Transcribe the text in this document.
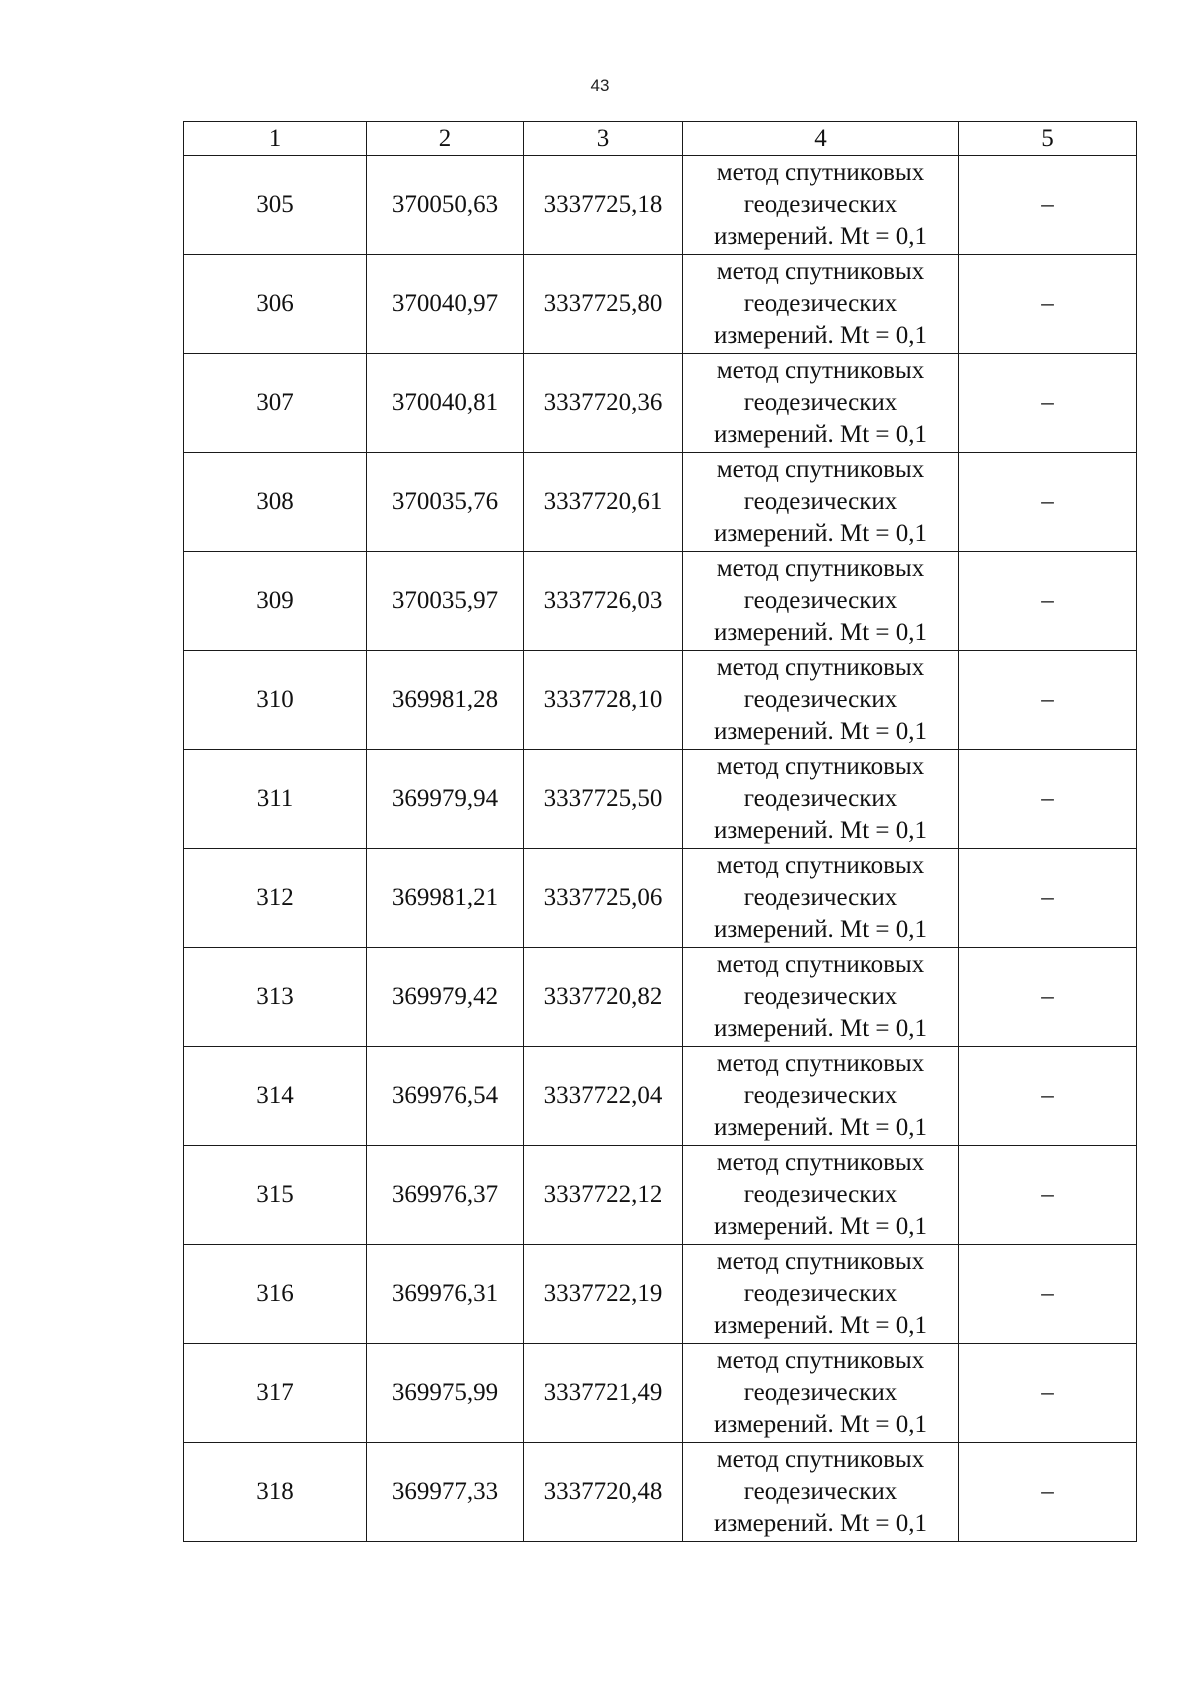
43
1	2	3	4	5
305	370050,63	3337725,18	метод спутниковых
геодезических
измерений. Mt = 0,1	–
306	370040,97	3337725,80	метод спутниковых
геодезических
измерений. Mt = 0,1	–
307	370040,81	3337720,36	метод спутниковых
геодезических
измерений. Mt = 0,1	–
308	370035,76	3337720,61	метод спутниковых
геодезических
измерений. Mt = 0,1	–
309	370035,97	3337726,03	метод спутниковых
геодезических
измерений. Mt = 0,1	–
310	369981,28	3337728,10	метод спутниковых
геодезических
измерений. Mt = 0,1	–
311	369979,94	3337725,50	метод спутниковых
геодезических
измерений. Mt = 0,1	–
312	369981,21	3337725,06	метод спутниковых
геодезических
измерений. Mt = 0,1	–
313	369979,42	3337720,82	метод спутниковых
геодезических
измерений. Mt = 0,1	–
314	369976,54	3337722,04	метод спутниковых
геодезических
измерений. Mt = 0,1	–
315	369976,37	3337722,12	метод спутниковых
геодезических
измерений. Mt = 0,1	–
316	369976,31	3337722,19	метод спутниковых
геодезических
измерений. Mt = 0,1	–
317	369975,99	3337721,49	метод спутниковых
геодезических
измерений. Mt = 0,1	–
318	369977,33	3337720,48	метод спутниковых
геодезических
измерений. Mt = 0,1	–
